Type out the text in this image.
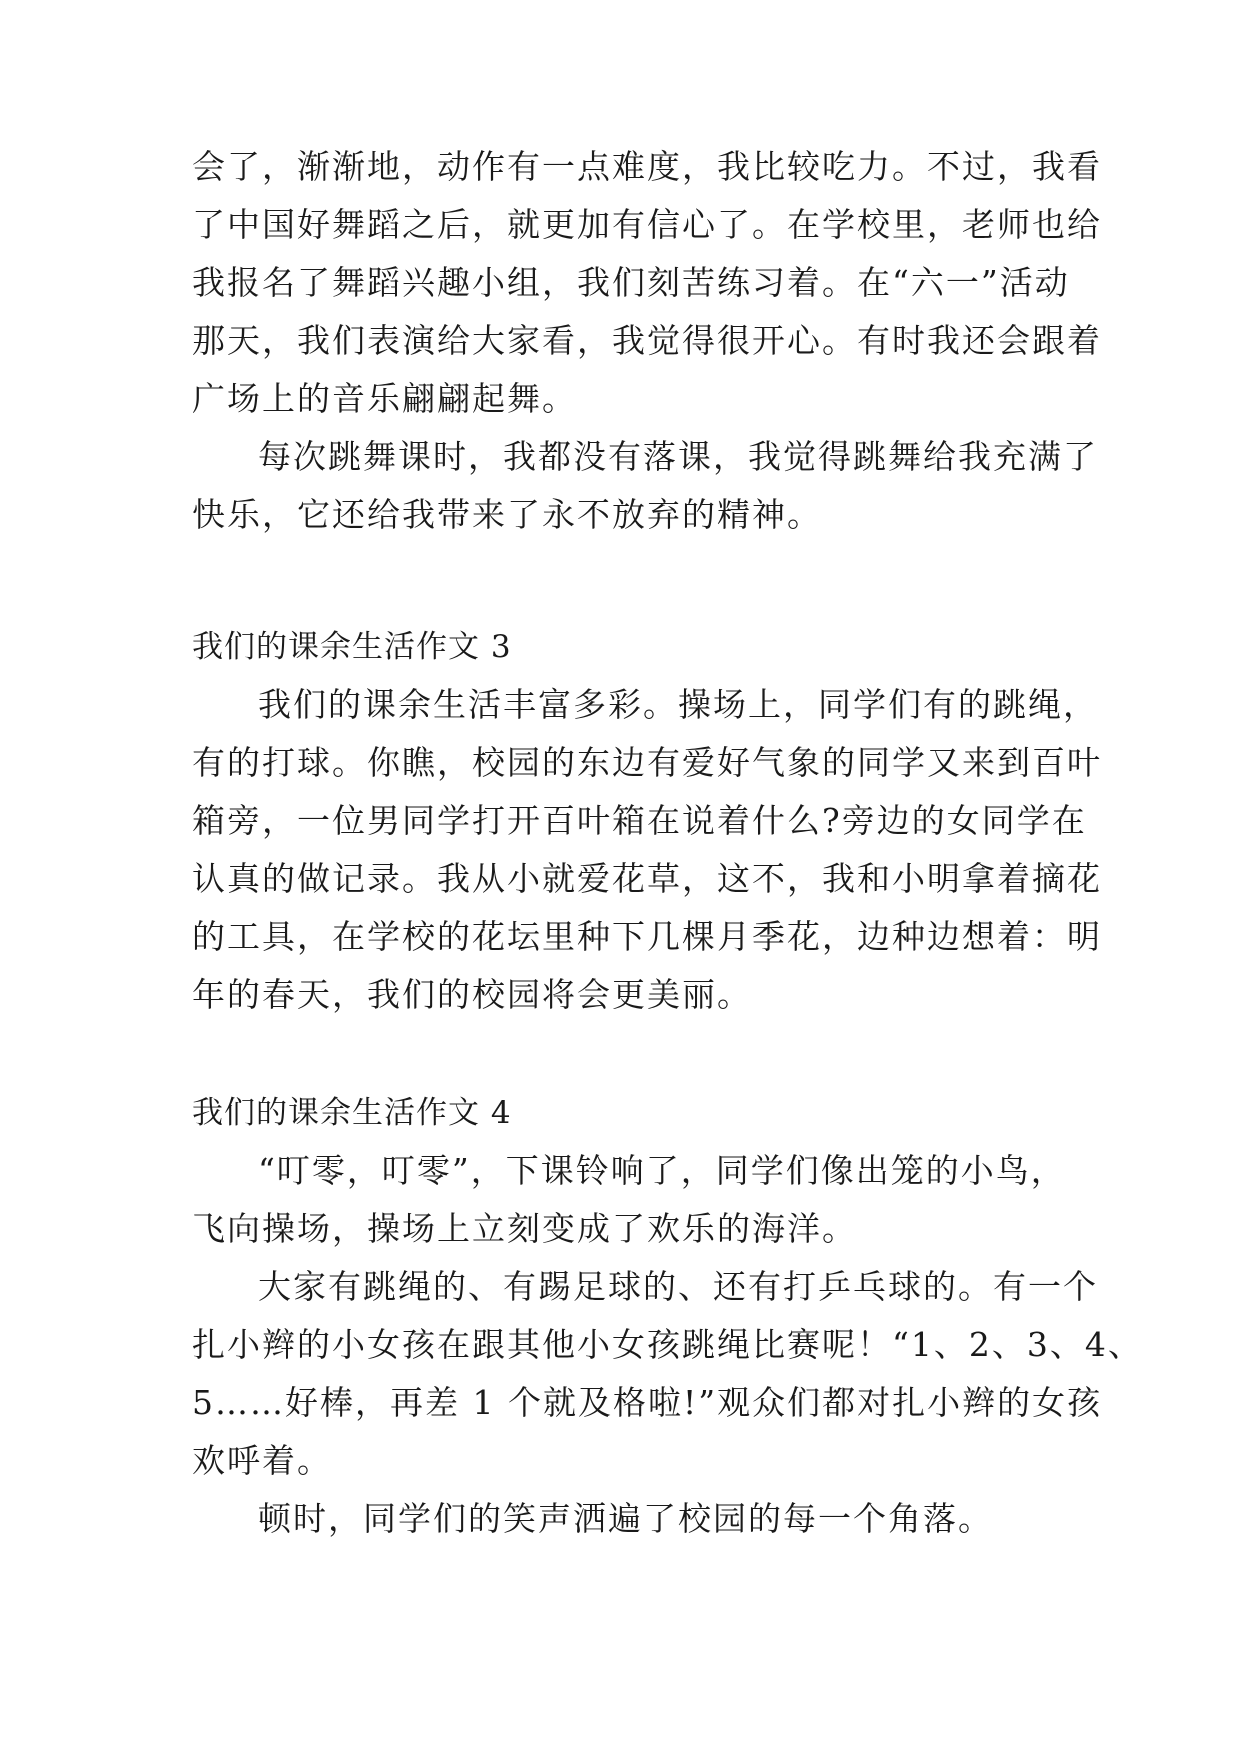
会了，渐渐地，动作有一点难度，我比较吃力。不过，我看
了中国好舞蹈之后，就更加有信心了。在学校里，老师也给
我报名了舞蹈兴趣小组，我们刻苦练习着。在“六一”活动
那天，我们表演给大家看，我觉得很开心。有时我还会跟着
广场上的音乐翩翩起舞。
每次跳舞课时，我都没有落课，我觉得跳舞给我充满了
快乐，它还给我带来了永不放弃的精神。
我们的课余生活作文 3
我们的课余生活丰富多彩。操场上，同学们有的跳绳，
有的打球。你瞧，校园的东边有爱好气象的同学又来到百叶
箱旁，一位男同学打开百叶箱在说着什么?旁边的女同学在
认真的做记录。我从小就爱花草，这不，我和小明拿着摘花
的工具，在学校的花坛里种下几棵月季花，边种边想着：明
年的春天，我们的校园将会更美丽。
我们的课余生活作文 4
“叮零，叮零”，下课铃响了，同学们像出笼的小鸟，
飞向操场，操场上立刻变成了欢乐的海洋。
大家有跳绳的、有踢足球的、还有打乒乓球的。有一个
扎小辫的小女孩在跟其他小女孩跳绳比赛呢！“1、2、3、4、
5……好棒，再差 1 个就及格啦!”观众们都对扎小辫的女孩
欢呼着。
顿时，同学们的笑声洒遍了校园的每一个角落。
